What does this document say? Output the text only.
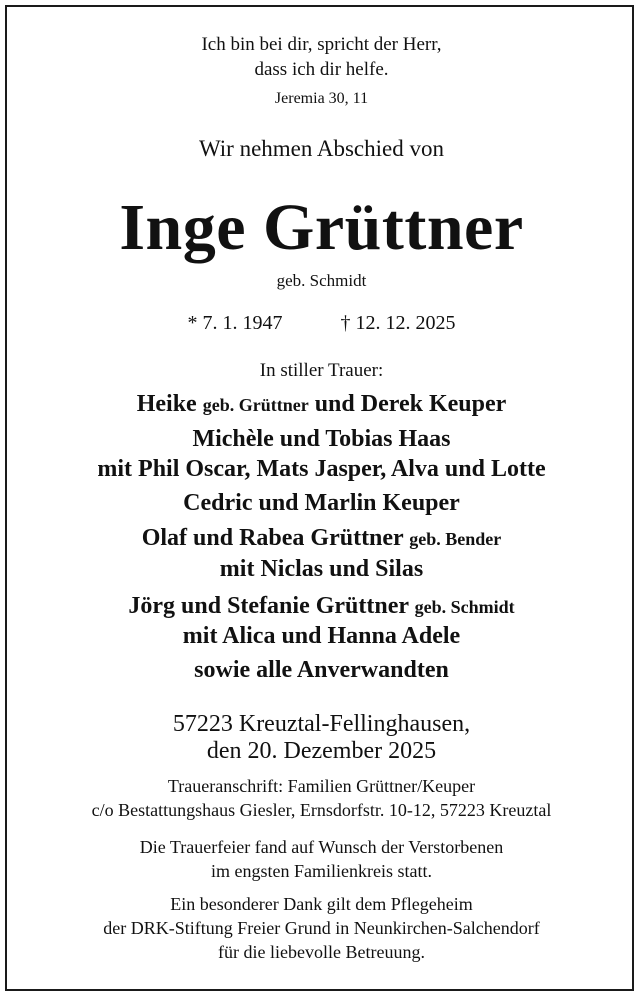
Ich bin bei dir, spricht der Herr,
dass ich dir helfe.
Jeremia 30, 11
Wir nehmen Abschied von
Inge Grüttner
geb. Schmidt
* 7. 1. 1947	† 12. 12. 2025
In stiller Trauer:
Heike geb. Grüttner und Derek Keuper
Michèle und Tobias Haas
mit Phil Oscar, Mats Jasper, Alva und Lotte
Cedric und Marlin Keuper
Olaf und Rabea Grüttner geb. Bender
mit Niclas und Silas
Jörg und Stefanie Grüttner geb. Schmidt
mit Alica und Hanna Adele
sowie alle Anverwandten
57223 Kreuztal-Fellinghausen,
den 20. Dezember 2025
Traueranschrift: Familien Grüttner/Keuper
c/o Bestattungshaus Giesler, Ernsdorfstr. 10-12, 57223 Kreuztal
Die Trauerfeier fand auf Wunsch der Verstorbenen
im engsten Familienkreis statt.
Ein besonderer Dank gilt dem Pflegeheim
der DRK-Stiftung Freier Grund in Neunkirchen-Salchendorf
für die liebevolle Betreuung.
